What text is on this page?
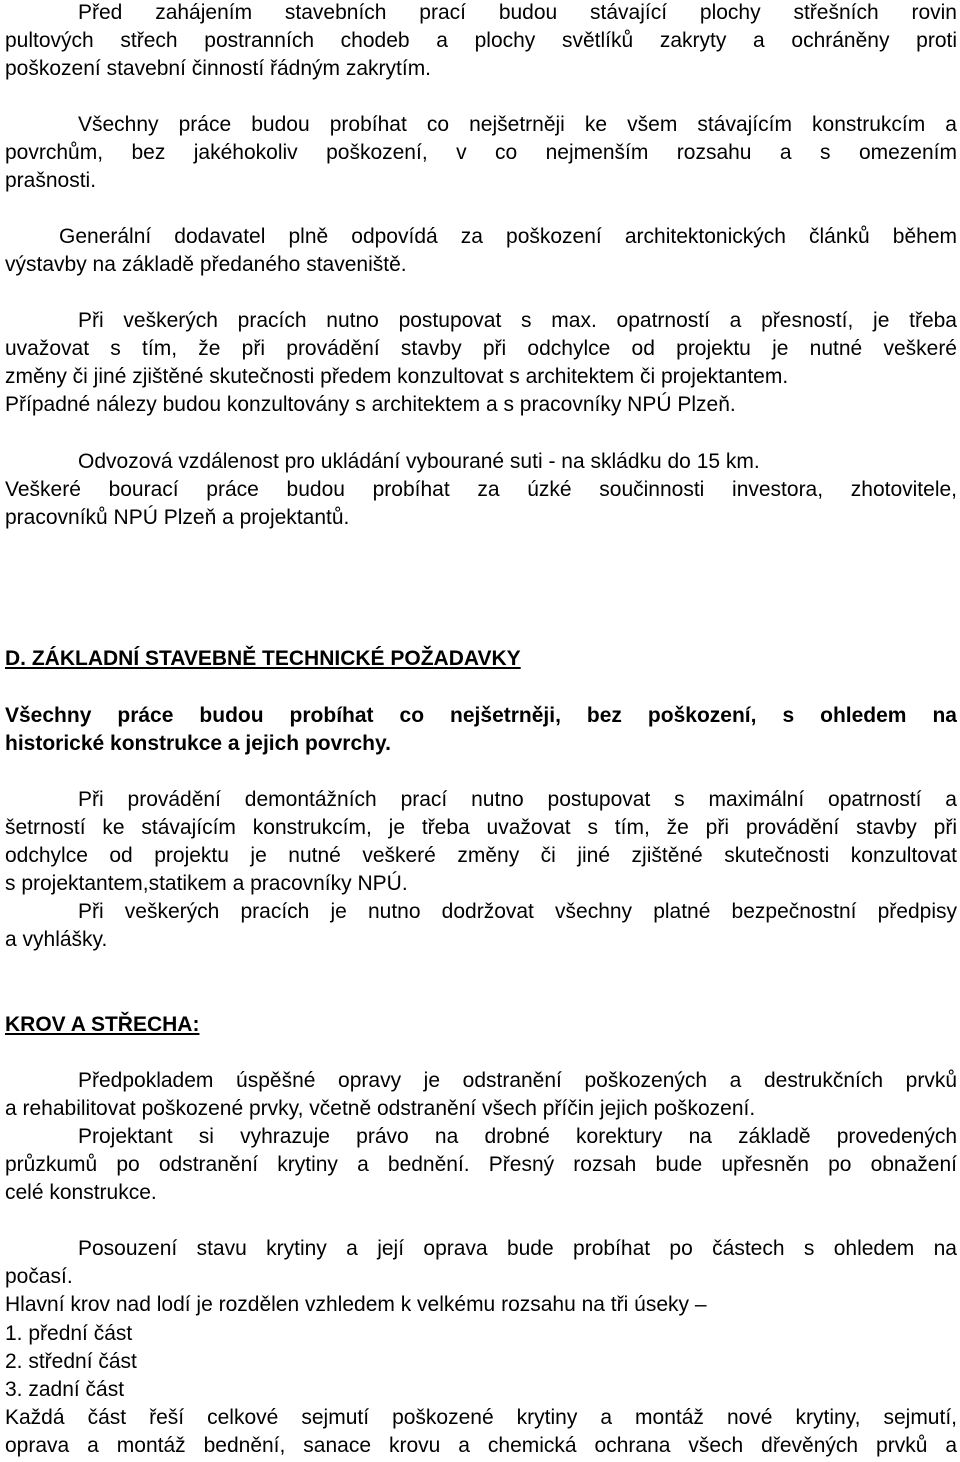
Před zahájením stavebních prací budou stávající plochy střešních rovin
pultových střech postranních chodeb a plochy světlíků zakryty a ochráněny proti
poškození stavební činností řádným zakrytím.
Všechny práce budou probíhat co nejšetrněji ke všem stávajícím konstrukcím a
povrchům, bez jakéhokoliv poškození, v co nejmenším rozsahu a s omezením
prašnosti.
Generální dodavatel plně odpovídá za poškození architektonických článků během
výstavby na základě předaného staveniště.
Při veškerých pracích nutno postupovat s max. opatrností a přesností, je třeba
uvažovat s tím, že při provádění stavby při odchylce od projektu je nutné veškeré
změny či jiné zjištěné skutečnosti předem konzultovat s architektem či projektantem.
Případné nálezy budou konzultovány s architektem a s pracovníky NPÚ Plzeň.
Odvozová vzdálenost pro ukládání vybourané suti - na skládku do 15 km.
Veškeré bourací práce budou probíhat za úzké součinnosti investora, zhotovitele,
pracovníků NPÚ Plzeň a projektantů.
D. ZÁKLADNÍ STAVEBNĚ TECHNICKÉ POŽADAVKY
Všechny práce budou probíhat co nejšetrněji, bez poškození, s ohledem na
historické konstrukce a jejich povrchy.
Při provádění demontážních prací nutno postupovat s maximální opatrností a
šetrností ke stávajícím konstrukcím, je třeba uvažovat s tím, že při provádění stavby při
odchylce od projektu je nutné veškeré změny či jiné zjištěné skutečnosti konzultovat
s projektantem,statikem a pracovníky NPÚ.
Při veškerých pracích je nutno dodržovat všechny platné bezpečnostní předpisy
a vyhlášky.
KROV A STŘECHA:
Předpokladem úspěšné opravy je odstranění poškozených a destrukčních prvků
a rehabilitovat poškozené prvky, včetně odstranění všech příčin jejich poškození.
Projektant si vyhrazuje právo na drobné korektury na základě provedených
průzkumů po odstranění krytiny a bednění. Přesný rozsah bude upřesněn po obnažení
celé konstrukce.
Posouzení stavu krytiny a její oprava bude probíhat po částech s ohledem na
počasí.
Hlavní krov nad lodí je rozdělen vzhledem k velkému rozsahu na tři úseky –
1. přední část
2. střední část
3. zadní část
Každá část řeší celkové sejmutí poškozené krytiny a montáž nové krytiny, sejmutí,
oprava a montáž bednění, sanace krovu a chemická ochrana všech dřevěných prvků a
